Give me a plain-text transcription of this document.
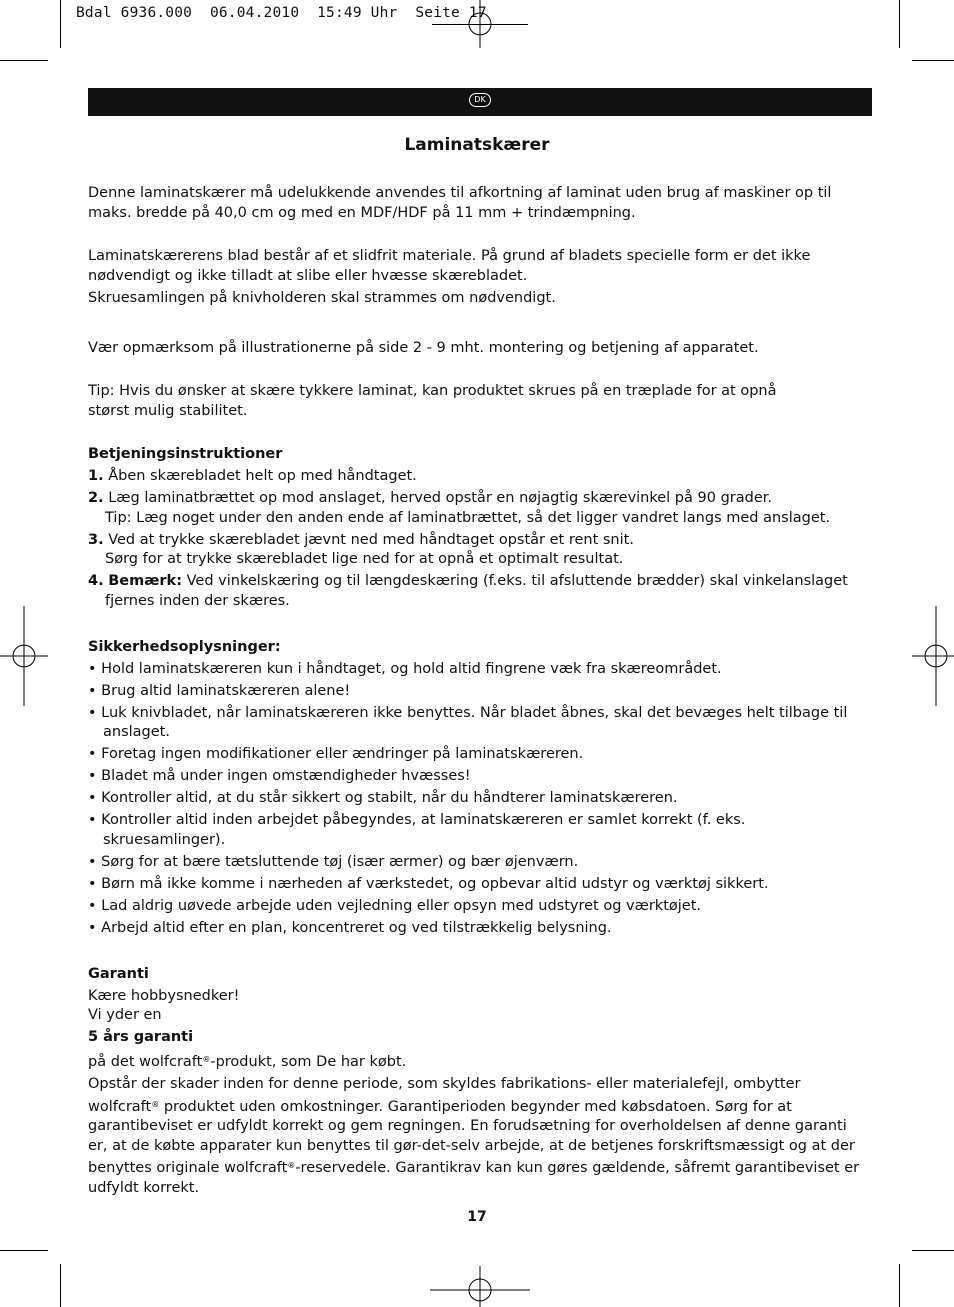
Bdal 6936.000  06.04.2010  15:49 Uhr  Seite 17
DK
Laminatskærer

Denne laminatskærer må udelukkende anvendes til afkortning af laminat uden brug af maskiner op til maks. bredde på 40,0 cm og med en MDF/HDF på 11 mm + trindæmpning.

Laminatskærerens blad består af et slidfrit materiale. På grund af bladets specielle form er det ikke nødvendigt og ikke tilladt at slibe eller hvæsse skærebladet.

Skruesamlingen på knivholderen skal strammes om nødvendigt.

Vær opmærksom på illustrationerne på side 2 - 9 mht. montering og betjening af apparatet.

Tip: Hvis du ønsker at skære tykkere laminat, kan produktet skrues på en træplade for at opnå størst mulig stabilitet.

Betjeningsinstruktioner

1. Åben skærebladet helt op med håndtaget.
2. Læg laminatbrættet op mod anslaget, herved opstår en nøjagtig skærevinkel på 90 grader.
Tip: Læg noget under den anden ende af laminatbrættet, så det ligger vandret langs med anslaget.
3. Ved at trykke skærebladet jævnt ned med håndtaget opstår et rent snit.
Sørg for at trykke skærebladet lige ned for at opnå et optimalt resultat.
4. Bemærk: Ved vinkelskæring og til længdeskæring (f.eks. til afsluttende brædder) skal vinkelanslaget fjernes inden der skæres.

Sikkerhedsoplysninger:

• Hold laminatskæreren kun i håndtaget, og hold altid fingrene væk fra skæreområdet.
• Brug altid laminatskæreren alene!
• Luk knivbladet, når laminatskæreren ikke benyttes. Når bladet åbnes, skal det bevæges helt tilbage til anslaget.
• Foretag ingen modifikationer eller ændringer på laminatskæreren.
• Bladet må under ingen omstændigheder hvæsses!
• Kontroller altid, at du står sikkert og stabilt, når du håndterer laminatskæreren.
• Kontroller altid inden arbejdet påbegyndes, at laminatskæreren er samlet korrekt (f. eks. skruesamlinger).
• Sørg for at bære tætsluttende tøj (især ærmer) og bær øjenværn.
• Børn må ikke komme i nærheden af værkstedet, og opbevar altid udstyr og værktøj sikkert.
• Lad aldrig uøvede arbejde uden vejledning eller opsyn med udstyret og værktøjet.
• Arbejd altid efter en plan, koncentreret og ved tilstrækkelig belysning.

Garanti

Kære hobbysnedker!

Vi yder en

5 års garanti

på det wolfcraft®-produkt, som De har købt.

Opstår der skader inden for denne periode, som skyldes fabrikations- eller materialefejl, ombytter wolfcraft® produktet uden omkostninger. Garantiperioden begynder med købsdatoen. Sørg for at garantibeviset er udfyldt korrekt og gem regningen. En forudsætning for overholdelsen af denne garanti er, at de købte apparater kun benyttes til gør-det-selv arbejde, at de betjenes forskriftsmæssigt og at der benyttes originale wolfcraft®-reservedele. Garantikrav kan kun gøres gældende, såfremt garantibeviset er udfyldt korrekt.

17
